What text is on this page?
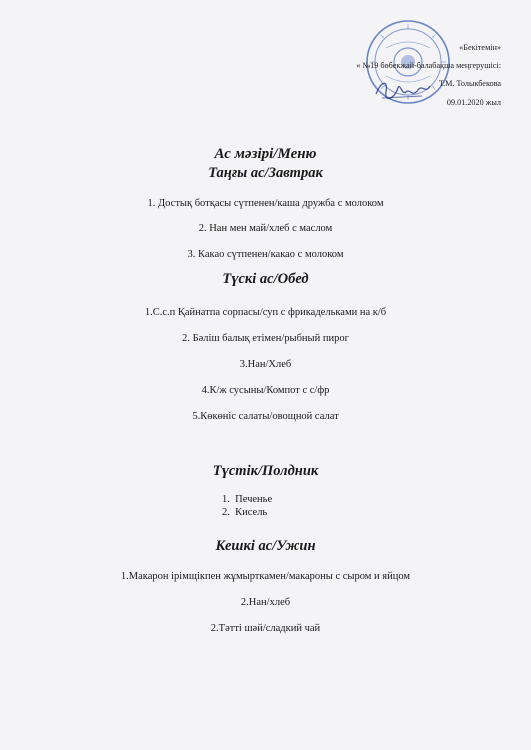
«Бекітемін»
« №19 бөбекжай-балабақша меңгерушісі:
Т.М. Толыкбекова
09.01.2020 жыл
Ас мәзірі/Меню
Таңғы ас/Завтрак
1. Достық ботқасы сүтпенен/каша дружба с молоком
2. Нан мен май/хлеб с маслом
3. Какао сүтпенен/какао с молоком
Түскі ас/Обед
1.С.с.п Қайнатпа сорпасы/суп с фрикадельками на к/б
2. Бәліш балық етімен/рыбный пирог
3.Нан/Хлеб
4.К/ж сусыны/Компот с с/фр
5.Көкөніс салаты/овощной салат
Түстік/Полдник
1.  Печенье
2.  Кисель
Кешкі ас/Ужин
1.Макарон ірімщікпен жұмырткамен/макароны с сыром и яйцом
2.Нан/хлеб
2.Тәтті шәй/сладкий чай
